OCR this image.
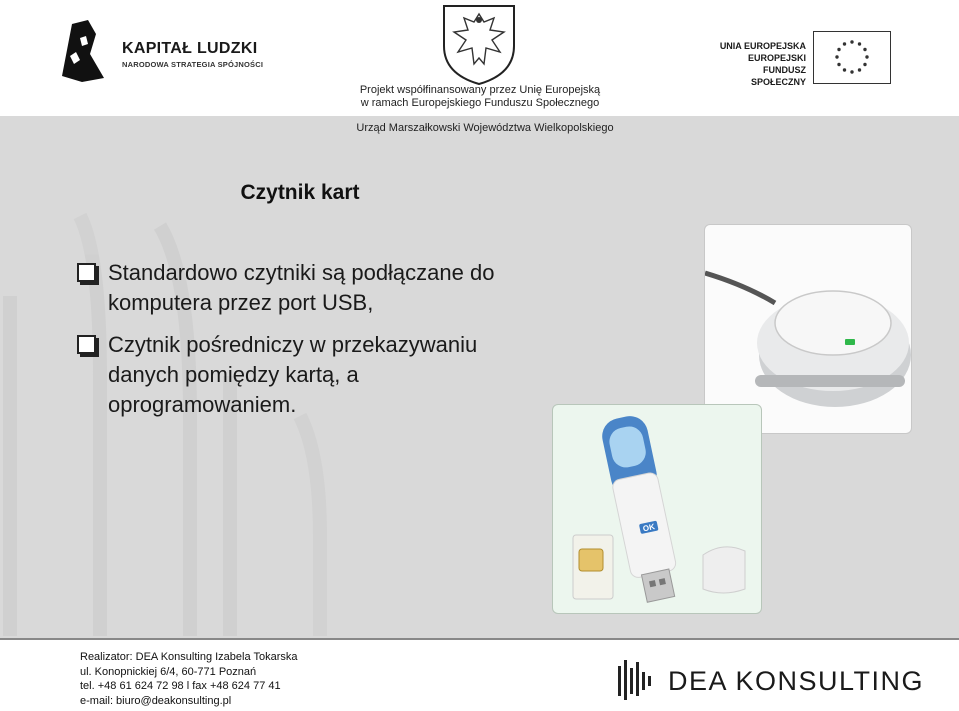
KAPITAŁ LUDZKI
NARODOWA STRATEGIA SPÓJNOŚCI
UNIA EUROPEJSKA
EUROPEJSKI
FUNDUSZ SPOŁECZNY
Projekt współfinansowany przez Unię Europejską
w ramach Europejskiego Funduszu Społecznego
Urząd Marszałkowski Województwa Wielkopolskiego
Czytnik kart
Standardowo czytniki są podłączane do komputera przez port USB,
Czytnik pośredniczy w przekazywaniu danych pomiędzy kartą, a oprogramowaniem.
OK
Realizator: DEA Konsulting Izabela Tokarska
ul. Konopnickiej 6/4, 60-771 Poznań
tel. +48 61 624 72 98 l fax +48 624 77 41
e-mail: biuro@deakonsulting.pl
DEA KONSULTING
